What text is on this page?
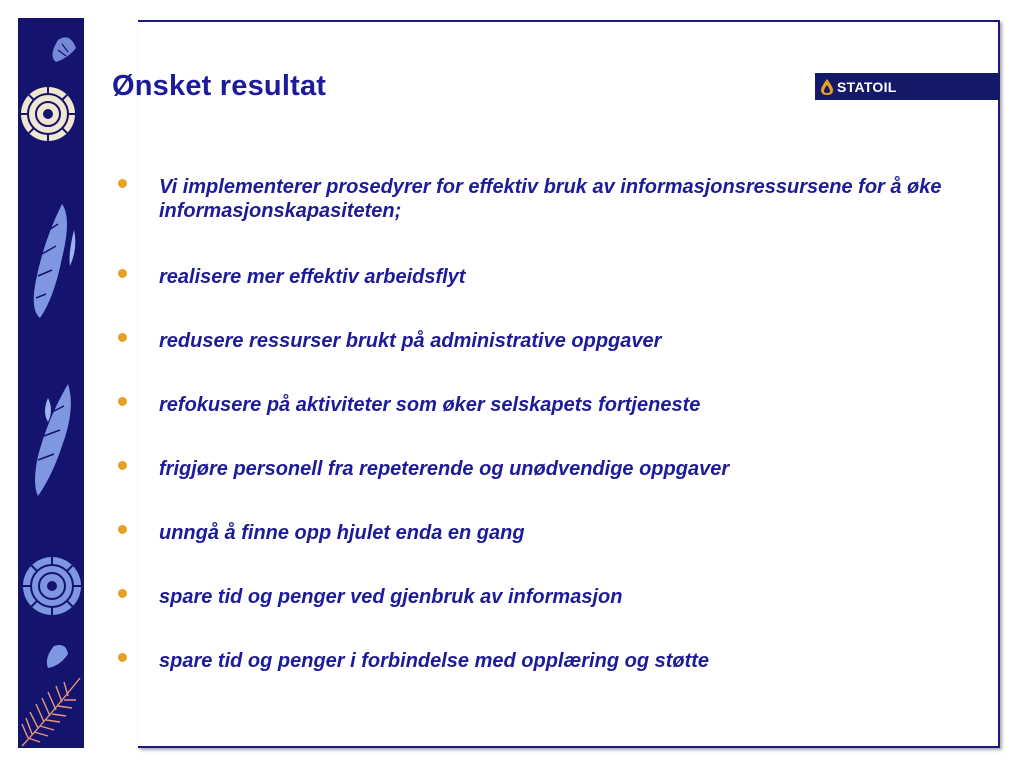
Ønsket resultat	STATOIL
Vi implementerer prosedyrer for effektiv bruk av informasjonsressursene for å øke informasjonskapasiteten;
realisere mer effektiv arbeidsflyt
redusere ressurser brukt på administrative oppgaver
refokusere på aktiviteter som øker selskapets fortjeneste
frigjøre personell fra repeterende og unødvendige oppgaver
unngå å finne opp hjulet enda en gang
spare tid og penger ved gjenbruk av informasjon
spare tid og penger i forbindelse med opplæring og støtte
